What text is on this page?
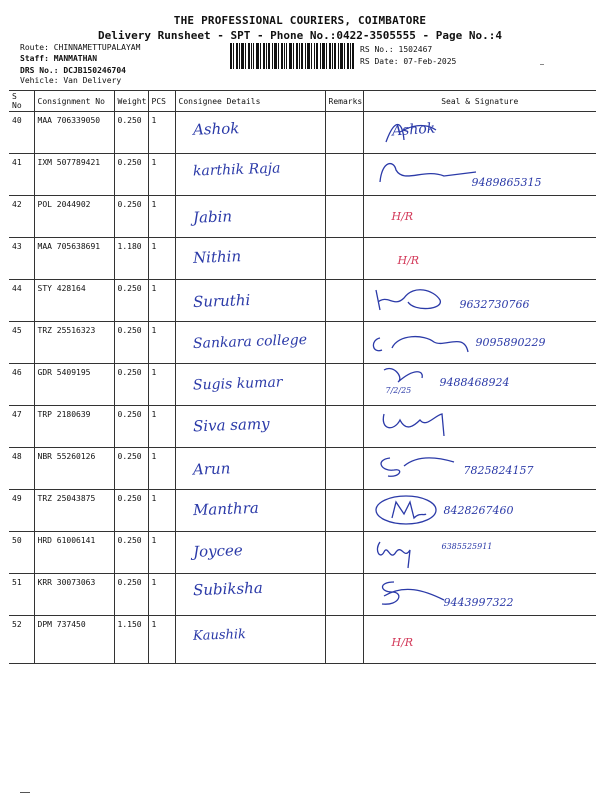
THE PROFESSIONAL COURIERS, COIMBATORE
Delivery Runsheet - SPT - Phone No.:0422-3505555 - Page No.:4
Route: CHINNAMETTUPALAYAM
Staff: MANMATHAN
DRS No.: DCJB150246704
Vehicle: Van Delivery
RS No.: 1502467
RS Date: 07-Feb-2025
S No	Consignment No	Weight	PCS	Consignee Details	Remarks	Seal & Signature
40	MAA 706339050	0.250	1	Ashok		Ashok

41	IXM 507789421	0.250	1	karthik Raja		9489865315

42	POL 2044902	0.250	1	Jabin		H/R

43	MAA 705638691	1.180	1	Nithin		H/R

44	STY 428164	0.250	1	Suruthi		9632730766

45	TRZ 25516323	0.250	1	Sankara college		9095890229

46	GDR 5409195	0.250	1	Sugis kumar		7/2/25
9488468924

47	TRP 2180639	0.250	1	Siva samy		

48	NBR 55260126	0.250	1	Arun		7825824157

49	TRZ 25043875	0.250	1	Manthra		8428267460

50	HRD 61006141	0.250	1	Joycee		6385525911

51	KRR 30073063	0.250	1	Subiksha		9443997322

52	DPM 737450	1.150	1	Kaushik		H/R
